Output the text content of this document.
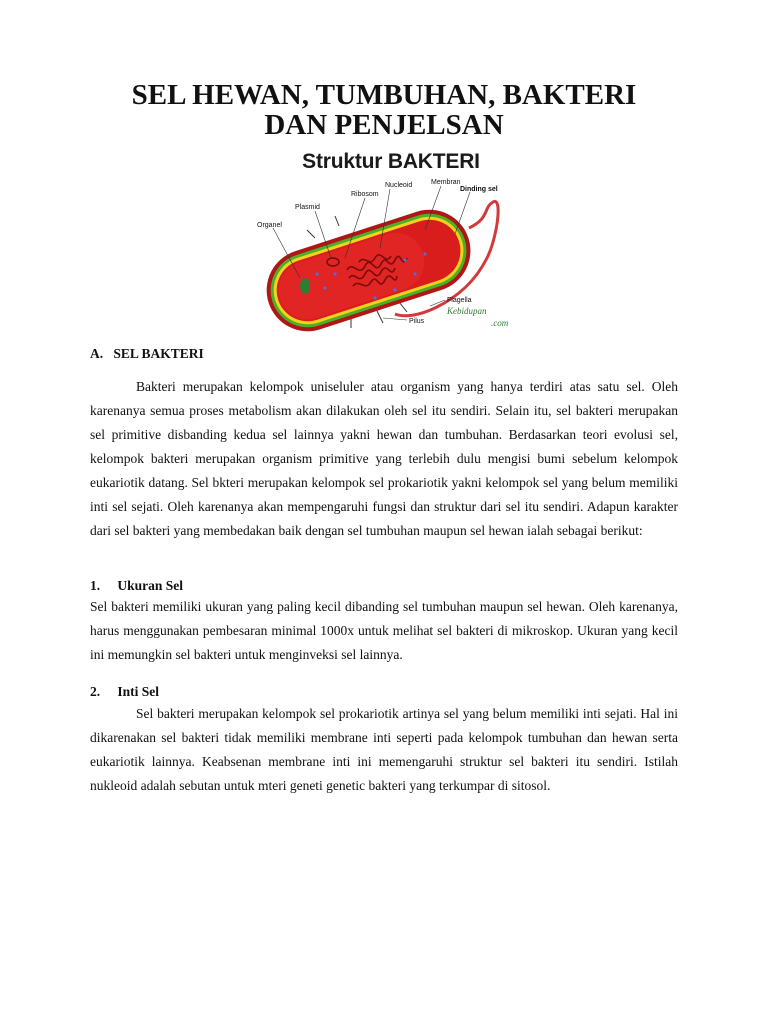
SEL HEWAN, TUMBUHAN, BAKTERI
DAN PENJELSAN
Struktur BAKTERI
Nucleoid	Membran
Ribosom
Dinding sel
Plasmid
Organel
Flagella
Pilus
Kebidupan
.com
A. SEL BAKTERI

Bakteri merupakan kelompok uniseluler atau organism yang hanya terdiri atas satu sel. Oleh karenanya semua proses metabolism akan dilakukan oleh sel itu sendiri. Selain itu, sel bakteri merupakan sel primitive disbanding kedua sel lainnya yakni hewan dan tumbuhan. Berdasarkan teori evolusi sel, kelompok bakteri merupakan organism primitive yang terlebih dulu mengisi bumi sebelum kelompok eukariotik datang. Sel bkteri merupakan kelompok sel prokariotik yakni kelompok sel yang belum memiliki inti sel sejati. Oleh karenanya akan mempengaruhi fungsi dan struktur dari sel itu sendiri. Adapun karakter dari sel bakteri yang membedakan baik dengan sel tumbuhan maupun sel hewan ialah sebagai berikut:

1. Ukuran Sel

Sel bakteri memiliki ukuran yang paling kecil dibanding sel tumbuhan maupun sel hewan. Oleh karenanya, harus menggunakan pembesaran minimal 1000x untuk melihat sel bakteri di mikroskop. Ukuran yang kecil ini memungkin sel bakteri untuk menginveksi sel lainnya.

2. Inti Sel

Sel bakteri merupakan kelompok sel prokariotik artinya sel yang belum memiliki inti sejati. Hal ini dikarenakan sel bakteri tidak memiliki membrane inti seperti pada kelompok tumbuhan dan hewan serta eukariotik lainnya. Keabsenan membrane inti ini memengaruhi struktur sel bakteri itu sendiri. Istilah nukleoid adalah sebutan untuk mteri geneti genetic bakteri yang terkumpar di sitosol.
